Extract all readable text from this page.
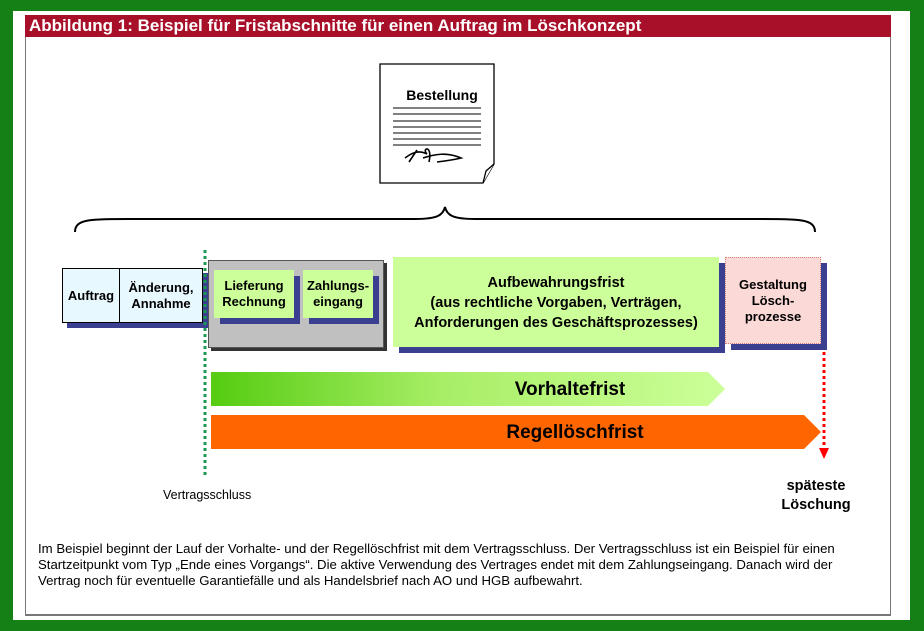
Abbildung 1: Beispiel für Fristabschnitte für einen Auftrag im Löschkonzept
Bestellung
Auftrag
Änderung, Annahme
Lieferung Rechnung
Zahlungs-eingang
Aufbewahrungsfrist
(aus rechtliche Vorgaben, Verträgen, Anforderungen des Geschäftsprozesses)
Gestaltung Lösch-prozesse
Vorhaltefrist
Regellöschfrist
Vertragsschluss
späteste Löschung
Im Beispiel beginnt der Lauf der Vorhalte- und der Regellöschfrist mit dem Vertragsschluss. Der Vertragsschluss ist ein Beispiel für einen Startzeitpunkt vom Typ „Ende eines Vorgangs“. Die aktive Verwendung des Vertrages endet mit dem Zahlungseingang. Danach wird der Vertrag noch für eventuelle Garantiefälle und als Handelsbrief nach AO und HGB aufbewahrt.
